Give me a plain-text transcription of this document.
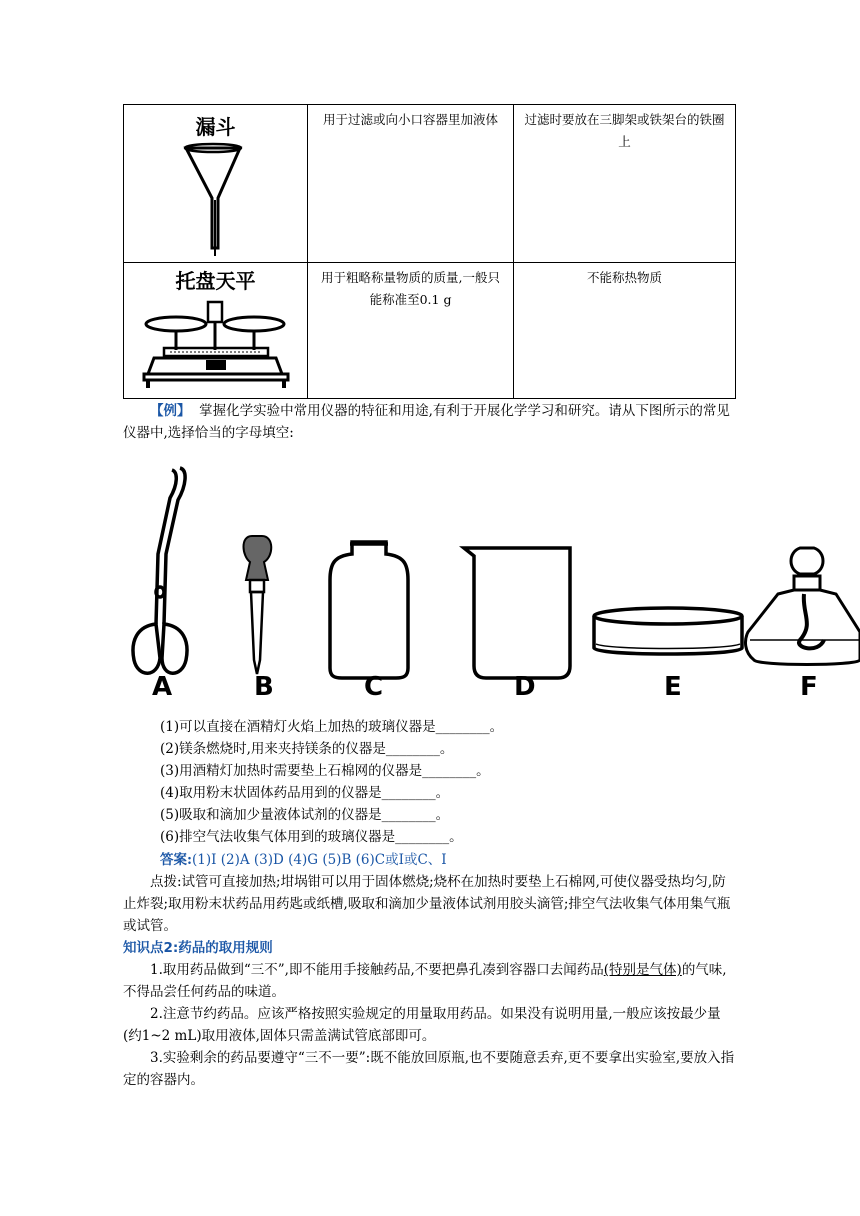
漏斗	用于过滤或向小口容器里加液体	过滤时要放在三脚架或铁架台的铁圈上

托盘天平	用于粗略称量物质的质量,一般只能称准至0.1 g	不能称热物质
【例】 掌握化学实验中常用仪器的特征和用途,有利于开展化学学习和研究。请从下图所示的常见仪器中,选择恰当的字母填空:
A	B	C	D	E	F
(1)可以直接在酒精灯火焰上加热的玻璃仪器是________。
(2)镁条燃烧时,用来夹持镁条的仪器是________。
(3)用酒精灯加热时需要垫上石棉网的仪器是________。
(4)取用粉末状固体药品用到的仪器是________。
(5)吸取和滴加少量液体试剂的仪器是________。
(6)排空气法收集气体用到的玻璃仪器是________。
答案:(1)I (2)A (3)D (4)G (5)B (6)C或I或C、I
点拨:试管可直接加热;坩埚钳可以用于固体燃烧;烧杯在加热时要垫上石棉网,可使仪器受热均匀,防止炸裂;取用粉末状药品用药匙或纸槽,吸取和滴加少量液体试剂用胶头滴管;排空气法收集气体用集气瓶或试管。
知识点2:药品的取用规则
1.取用药品做到“三不”,即不能用手接触药品,不要把鼻孔凑到容器口去闻药品(特别是气体)的气味,不得品尝任何药品的味道。
2.注意节约药品。应该严格按照实验规定的用量取用药品。如果没有说明用量,一般应该按最少量(约1~2 mL)取用液体,固体只需盖满试管底部即可。
3.实验剩余的药品要遵守“三不一要”:既不能放回原瓶,也不要随意丢弃,更不要拿出实验室,要放入指定的容器内。
